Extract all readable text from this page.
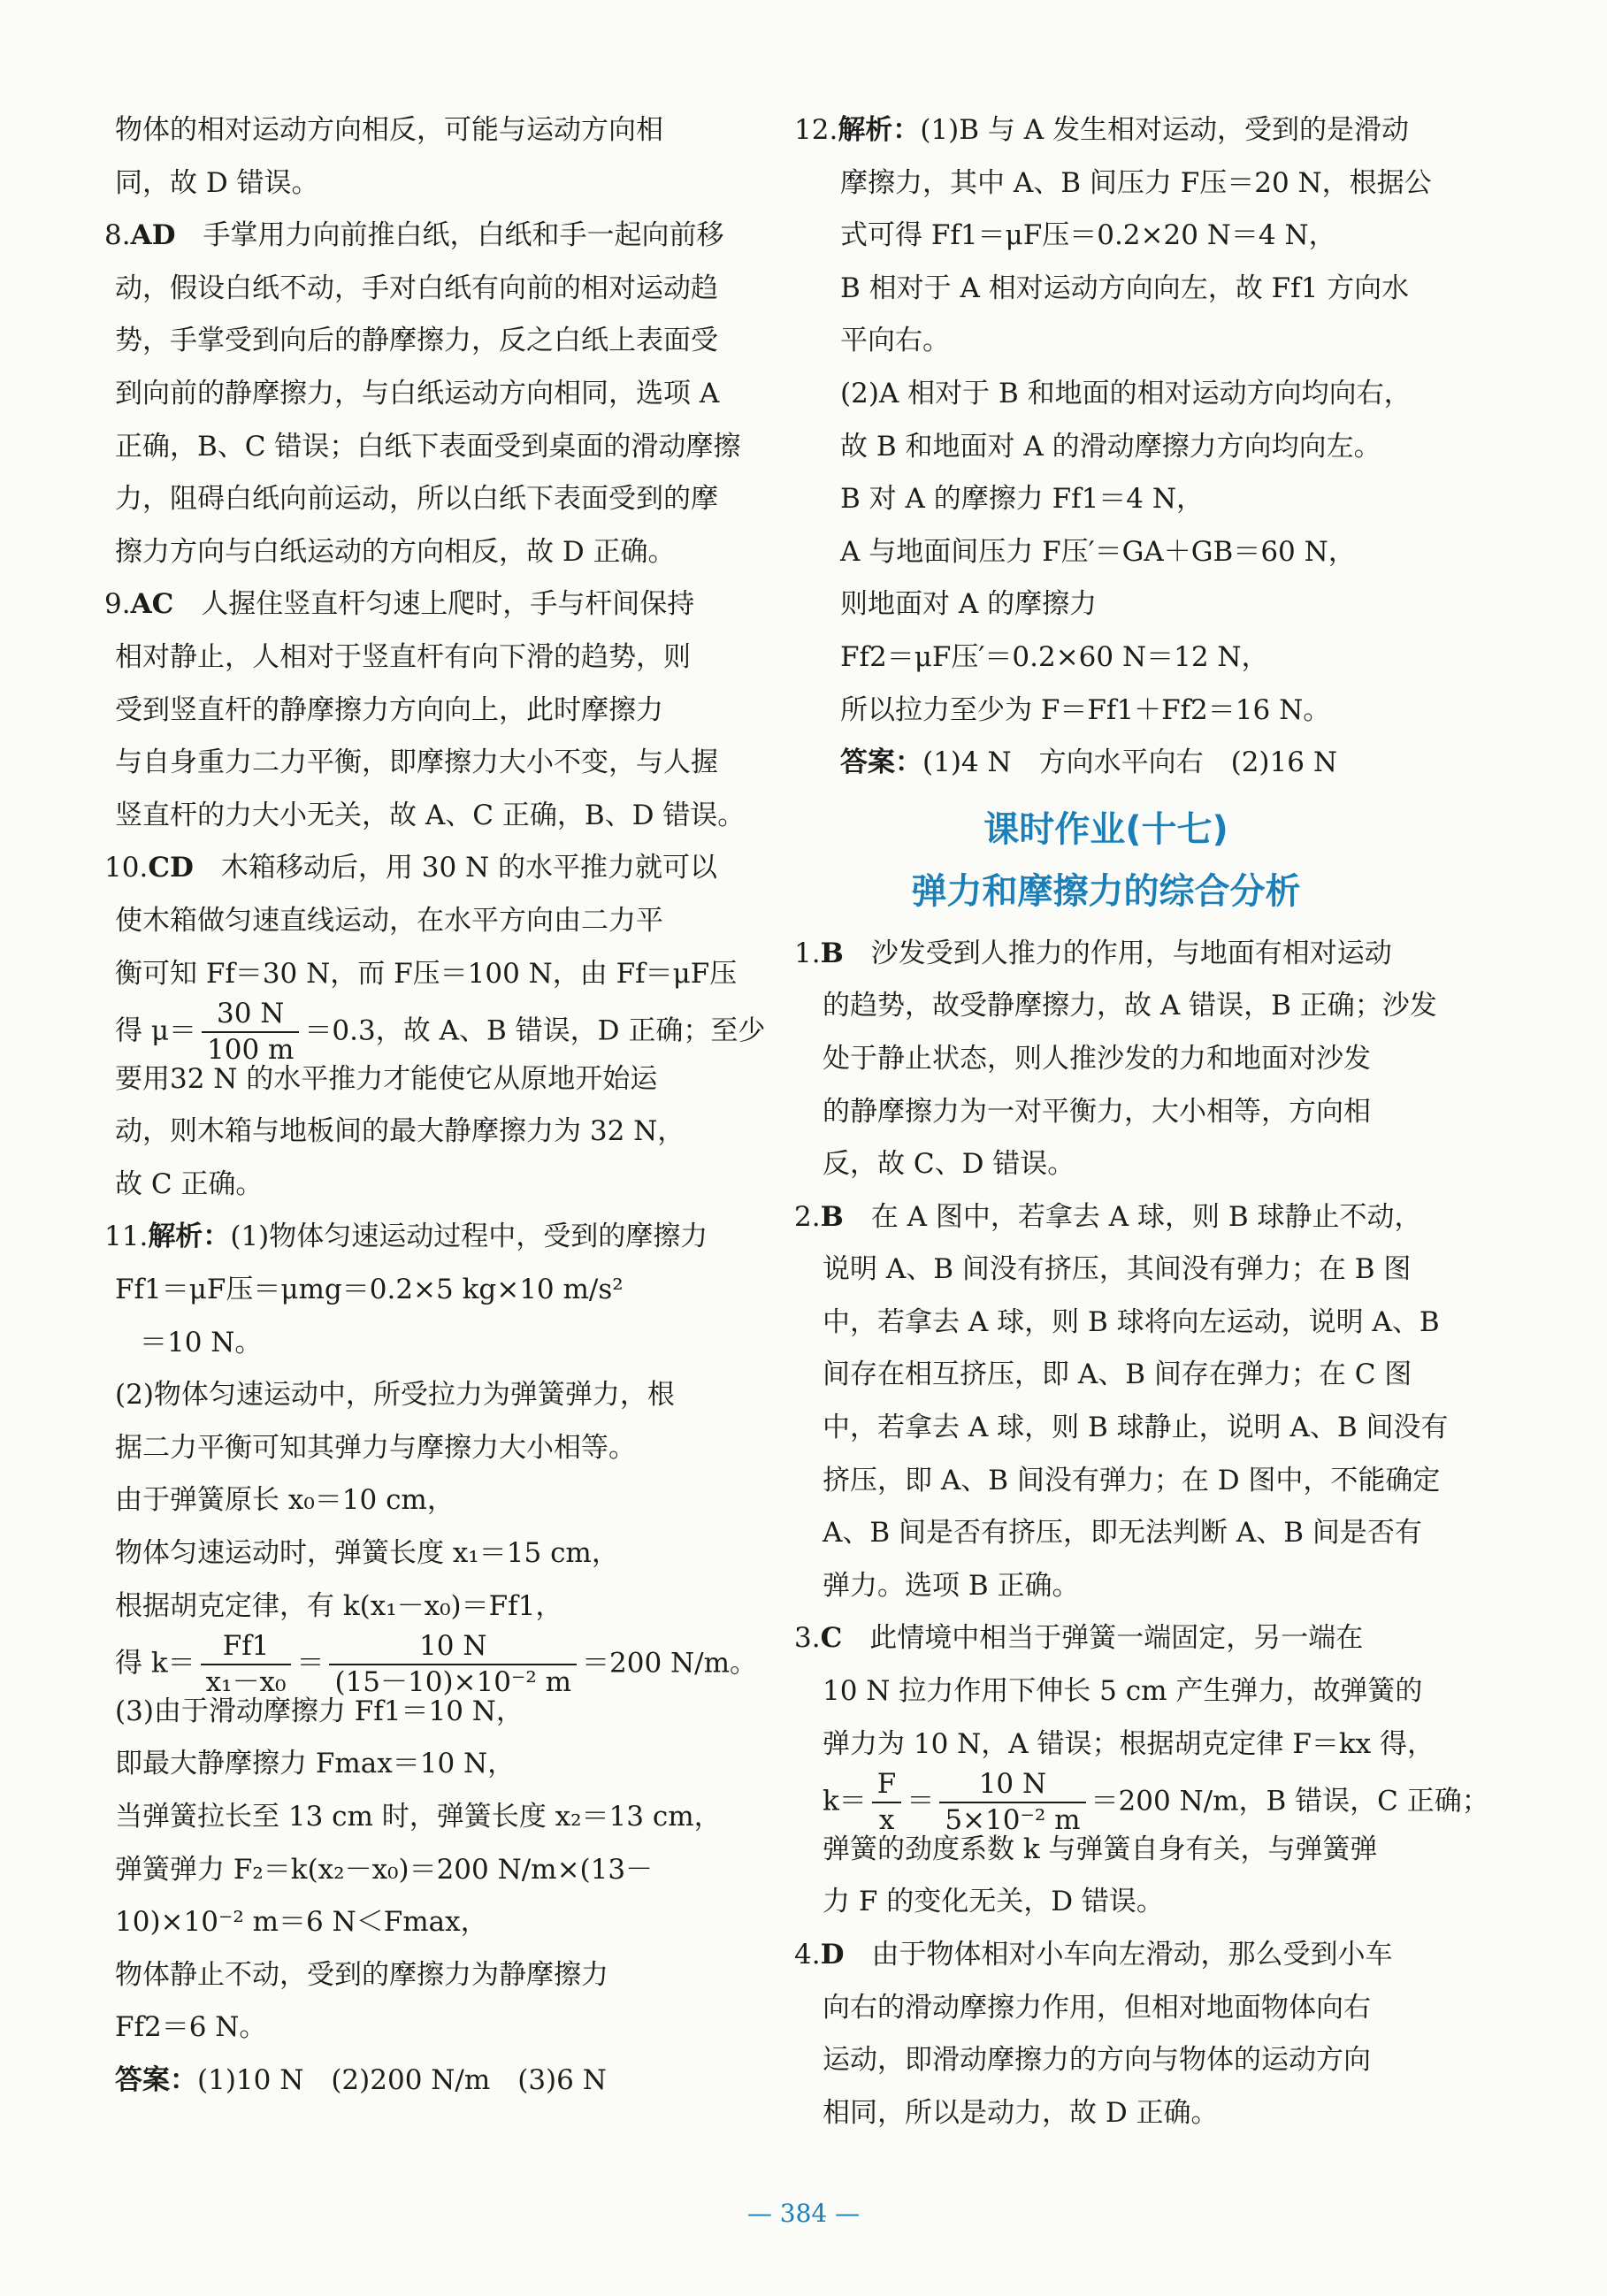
物体的相对运动方向相反，可能与运动方向相
同，故 D 错误。
8.AD　 手掌用力向前推白纸，白纸和手一起向前移
动，假设白纸不动，手对白纸有向前的相对运动趋
势，手掌受到向后的静摩擦力，反之白纸上表面受
到向前的静摩擦力，与白纸运动方向相同，选项 A
正确，B、C 错误；白纸下表面受到桌面的滑动摩擦
力，阻碍白纸向前运动，所以白纸下表面受到的摩
擦力方向与白纸运动的方向相反，故 D 正确。
9.AC　 人握住竖直杆匀速上爬时，手与杆间保持
相对静止，人相对于竖直杆有向下滑的趋势，则
受到竖直杆的静摩擦力方向向上，此时摩擦力
与自身重力二力平衡，即摩擦力大小不变，与人握
竖直杆的力大小无关，故 A、C 正确，B、D 错误。
10.CD　 木箱移动后，用 30 N 的水平推力就可以
使木箱做匀速直线运动，在水平方向由二力平
衡可知 Ff＝30 N，而 F压＝100 N，由 Ff＝μF压
得 $\mu= \frac{30 N}{100 m} =0.3$，故 A、B 错误，D 正确；至少
要用32 N 的水平推力才能使它从原地开始运
动，则木箱与地板间的最大静摩擦力为 32 N，
故 C 正确。
11.解析：(1)物体匀速运动过程中，受到的摩擦力
Ff1＝μF压＝μmg＝0.2×5 kg×10 m/s²
＝10 N。
(2)物体匀速运动中，所受拉力为弹簧弹力，根
据二力平衡可知其弹力与摩擦力大小相等。
由于弹簧原长 x₀＝10 cm，
物体匀速运动时，弹簧长度 x₁＝15 cm，
根据胡克定律，有 k(x₁－x₀)＝Ff1，
得 $k= \frac{Ff1}{\text{x₁－x₀}} = \frac{10 N}{\text{(15－10)×10⁻² m}} =200$ N/m。
(3)由于滑动摩擦力 Ff1＝10 N，
即最大静摩擦力 Fmax＝10 N，
当弹簧拉长至 13 cm 时，弹簧长度 x₂＝13 cm，
弹簧弹力 F₂＝k(x₂－x₀)＝200 N/m×(13－
10)×10⁻² m＝6 N＜Fmax，
物体静止不动，受到的摩擦力为静摩擦力
Ff2＝6 N。
答案：(1)10 N　(2)200 N/m　(3)6 N
12.解析：(1)B 与 A 发生相对运动，受到的是滑动
摩擦力，其中 A、B 间压力 F压＝20 N，根据公
式可得 Ff1＝μF压＝0.2×20 N＝4 N，
B 相对于 A 相对运动方向向左，故 Ff1 方向水
平向右。
(2)A 相对于 B 和地面的相对运动方向均向右，
故 B 和地面对 A 的滑动摩擦力方向均向左。
B 对 A 的摩擦力 Ff1＝4 N，
A 与地面间压力 F压′＝GA＋GB＝60 N，
则地面对 A 的摩擦力
Ff2＝μF压′＝0.2×60 N＝12 N，
所以拉力至少为 F＝Ff1＋Ff2＝16 N。
答案：(1)4 N　方向水平向右　(2)16 N
课时作业(十七)
弹力和摩擦力的综合分析
1.B　 沙发受到人推力的作用，与地面有相对运动
的趋势，故受静摩擦力，故 A 错误，B 正确；沙发
处于静止状态，则人推沙发的力和地面对沙发
的静摩擦力为一对平衡力，大小相等，方向相
反，故 C、D 错误。
2.B　 在 A 图中，若拿去 A 球，则 B 球静止不动，
说明 A、B 间没有挤压，其间没有弹力；在 B 图
中，若拿去 A 球，则 B 球将向左运动，说明 A、B
间存在相互挤压，即 A、B 间存在弹力；在 C 图
中，若拿去 A 球，则 B 球静止，说明 A、B 间没有
挤压，即 A、B 间没有弹力；在 D 图中，不能确定
A、B 间是否有挤压，即无法判断 A、B 间是否有
弹力。选项 B 正确。
3.C　 此情境中相当于弹簧一端固定，另一端在
10 N 拉力作用下伸长 5 cm 产生弹力，故弹簧的
弹力为 10 N，A 错误；根据胡克定律 F＝kx 得，
$k= \frac{F}{x} = \frac{10 N}{\text{5×10⁻² m}} =200$ N/m，B 错误，C 正确；
弹簧的劲度系数 k 与弹簧自身有关，与弹簧弹
力 F 的变化无关，D 错误。
4.D　 由于物体相对小车向左滑动，那么受到小车
向右的滑动摩擦力作用，但相对地面物体向右
运动，即滑动摩擦力的方向与物体的运动方向
相同，所以是动力，故 D 正确。
— 384 —
